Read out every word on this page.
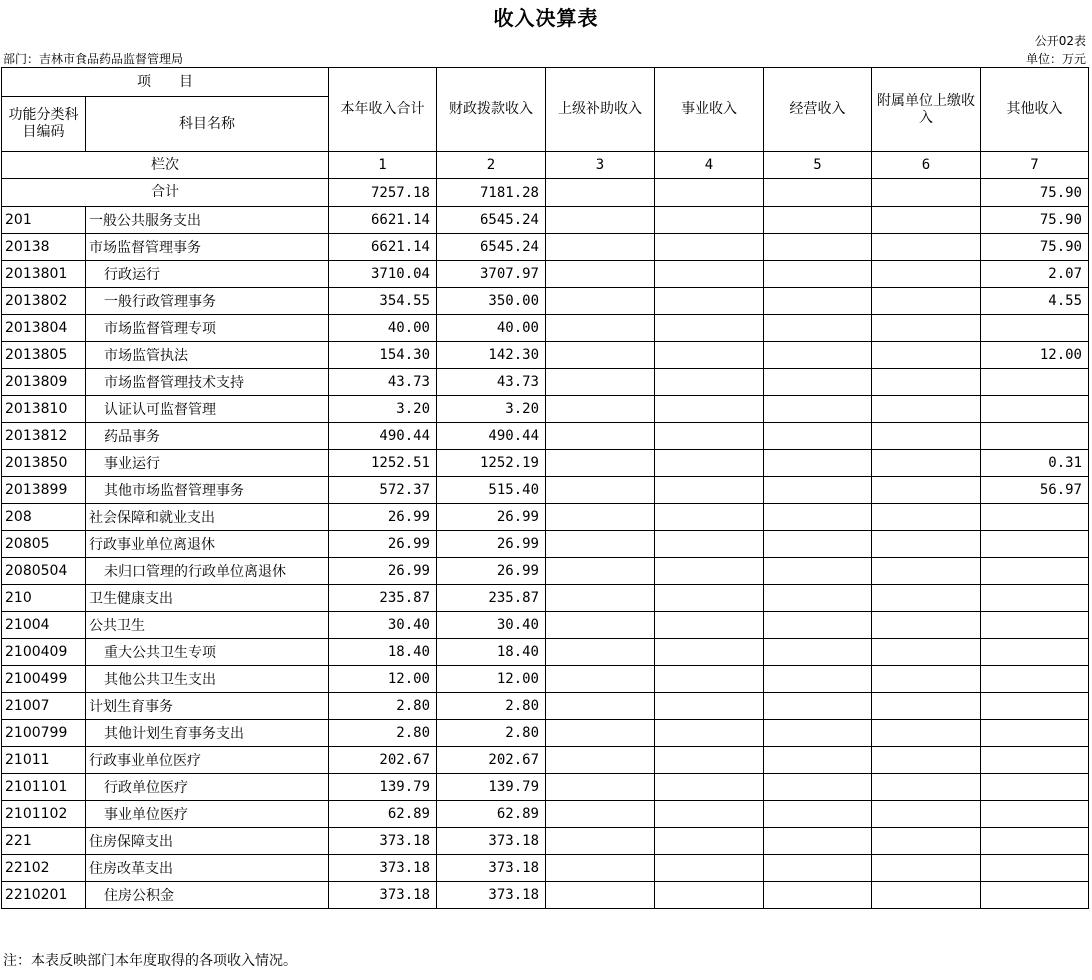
收入决算表
公开02表
部门：吉林市食品药品监督管理局	单位：万元
项　　目		本年收入合计	财政拨款收入	上级补助收入	事业收入	经营收入	附属单位上缴收入	其他收入
功能分类科目编码	科目名称							
栏次		1	2	3	4	5	6	7
合计		7257.18	7181.28					75.90
201	一般公共服务支出	6621.14	6545.24					75.90
20138	市场监督管理事务	6621.14	6545.24					75.90
2013801	行政运行	3710.04	3707.97					2.07
2013802	一般行政管理事务	354.55	350.00					4.55
2013804	市场监督管理专项	40.00	40.00					
2013805	市场监管执法	154.30	142.30					12.00
2013809	市场监督管理技术支持	43.73	43.73					
2013810	认证认可监督管理	3.20	3.20					
2013812	药品事务	490.44	490.44					
2013850	事业运行	1252.51	1252.19					0.31
2013899	其他市场监督管理事务	572.37	515.40					56.97
208	社会保障和就业支出	26.99	26.99					
20805	行政事业单位离退休	26.99	26.99					
2080504	未归口管理的行政单位离退休	26.99	26.99					
210	卫生健康支出	235.87	235.87					
21004	公共卫生	30.40	30.40					
2100409	重大公共卫生专项	18.40	18.40					
2100499	其他公共卫生支出	12.00	12.00					
21007	计划生育事务	2.80	2.80					
2100799	其他计划生育事务支出	2.80	2.80					
21011	行政事业单位医疗	202.67	202.67					
2101101	行政单位医疗	139.79	139.79					
2101102	事业单位医疗	62.89	62.89					
221	住房保障支出	373.18	373.18					
22102	住房改革支出	373.18	373.18					
2210201	住房公积金	373.18	373.18					
注：本表反映部门本年度取得的各项收入情况。
